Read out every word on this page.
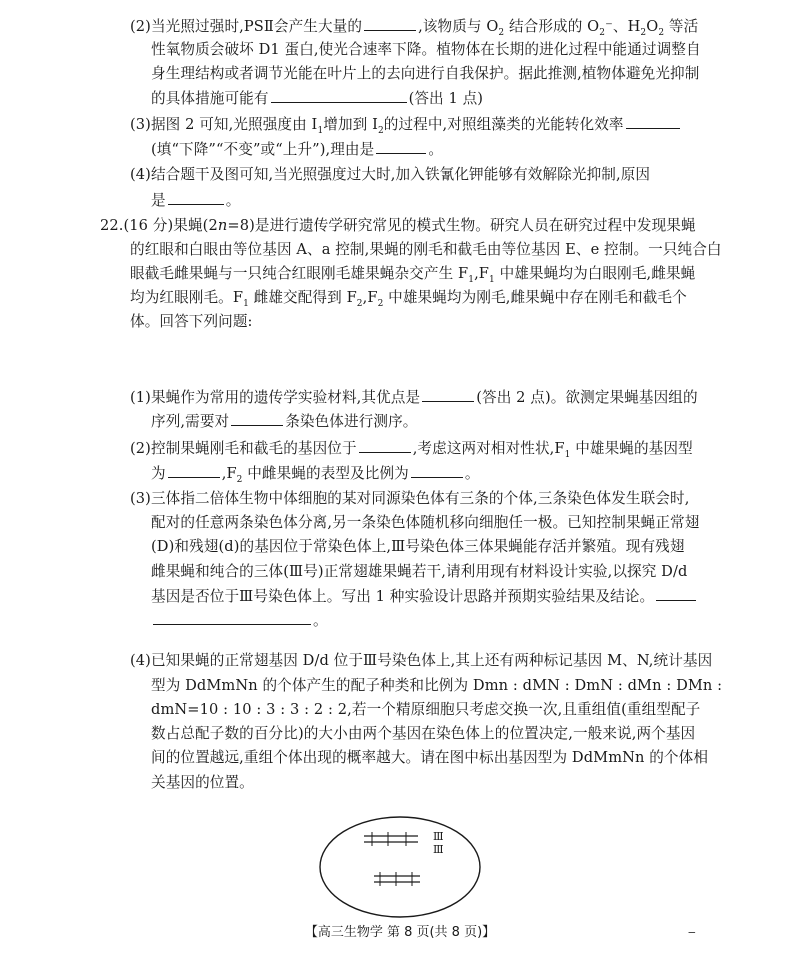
(2)当光照过强时,PSⅡ会产生大量的	,该物质与 $O_2$ 结合形成的 $O_2^-$、$H_2O_2$ 等活
性氧物质会破坏 D1 蛋白,使光合速率下降。植物体在长期的进化过程中能通过调整自
身生理结构或者调节光能在叶片上的去向进行自我保护。据此推测,植物体避免光抑制
的具体措施可能有	(答出 1 点)
(3)据图 2 可知,光照强度由 $I_1$增加到 $I_2$的过程中,对照组藻类的光能转化效率
(填“下降”“不变”或“上升”),理由是	。
(4)结合题干及图可知,当光照强度过大时,加入铁氰化钾能够有效解除光抑制,原因
是	。
22.(16 分)果蝇(2n=8)是进行遗传学研究常见的模式生物。研究人员在研究过程中发现果蝇
的红眼和白眼由等位基因 A、a 控制,果蝇的刚毛和截毛由等位基因 E、e 控制。一只纯合白
眼截毛雌果蝇与一只纯合红眼刚毛雄果蝇杂交产生 $F_1,F_1$ 中雄果蝇均为白眼刚毛,雌果蝇
均为红眼刚毛。$F_1$ 雌雄交配得到 $F_2,F_2$ 中雄果蝇均为刚毛,雌果蝇中存在刚毛和截毛个
体。回答下列问题:
(1)果蝇作为常用的遗传学实验材料,其优点是	(答出 2 点)。欲测定果蝇基因组的
序列,需要对	条染色体进行测序。
(2)控制果蝇刚毛和截毛的基因位于	,考虑这两对相对性状$,F_1$ 中雄果蝇的基因型
为	$,F_2$ 中雌果蝇的表型及比例为	。
(3)三体指二倍体生物中体细胞的某对同源染色体有三条的个体,三条染色体发生联会时,
配对的任意两条染色体分离,另一条染色体随机移向细胞任一极。已知控制果蝇正常翅
(D)和残翅(d)的基因位于常染色体上,Ⅲ号染色体三体果蝇能存活并繁殖。现有残翅
雌果蝇和纯合的三体(Ⅲ号)正常翅雄果蝇若干,请利用现有材料设计实验,以探究 D/d
基因是否位于Ⅲ号染色体上。写出 1 种实验设计思路并预期实验结果及结论。
。
(4)已知果蝇的正常翅基因 D/d 位于Ⅲ号染色体上,其上还有两种标记基因 M、N,统计基因
型为 DdMmNn 的个体产生的配子种类和比例为 Dmn : dMN : DmN : dMn : DMn :
dmN=10 : 10 : 3 : 3 : 2 : 2,若一个精原细胞只考虑交换一次,且重组值(重组型配子
数占总配子数的百分比)的大小由两个基因在染色体上的位置决定,一般来说,两个基因
间的位置越远,重组个体出现的概率越大。请在图中标出基因型为 DdMmNn 的个体相
关基因的位置。
Ⅲ
Ⅲ
【高三生物学 第 8 页(共 8 页)】	‒
